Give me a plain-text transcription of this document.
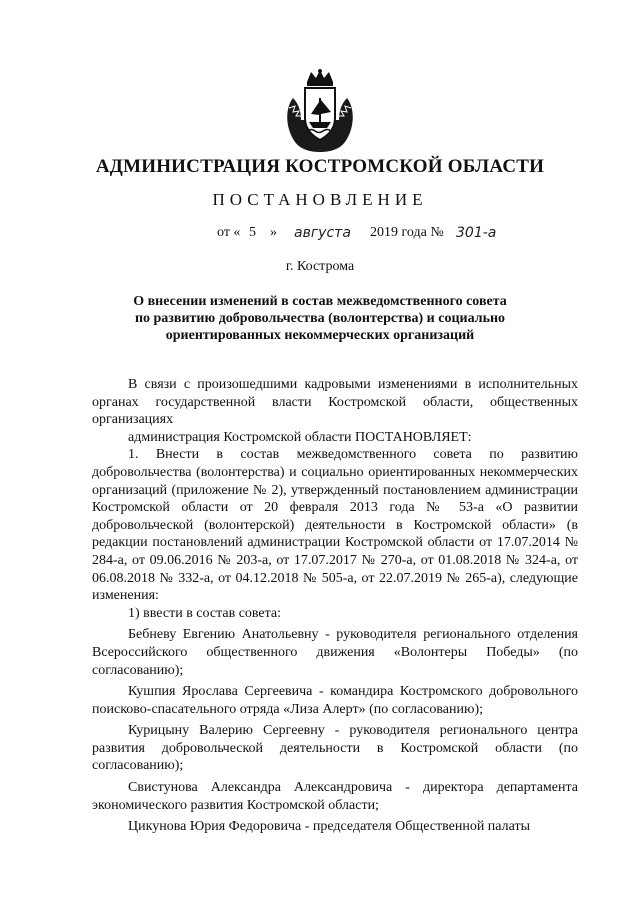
АДМИНИСТРАЦИЯ КОСТРОМСКОЙ ОБЛАСТИ
ПОСТАНОВЛЕНИЕ
от « 5 » августа 2019 года № 301-а
г. Кострома
О внесении изменений в состав межведомственного совета
по развитию добровольчества (волонтерства) и социально
ориентированных некоммерческих организаций

В связи с произошедшими кадровыми изменениями в исполнительных органах государственной власти Костромской области, общественных организациях

администрация Костромской области ПОСТАНОВЛЯЕТ:

1. Внести в состав межведомственного совета по развитию добровольчества (волонтерства) и социально ориентированных некоммерческих организаций (приложение № 2), утвержденный постановлением администрации Костромской области от 20 февраля 2013 года № 53-а «О развитии добровольческой (волонтерской) деятельности в Костромской области» (в редакции постановлений администрации Костромской области от 17.07.2014 № 284-а, от 09.06.2016 № 203-а, от 17.07.2017 № 270-а, от 01.08.2018 № 324-а, от 06.08.2018 № 332-а, от 04.12.2018 № 505-а, от 22.07.2019 № 265-а), следующие изменения:

1) ввести в состав совета:

Бебневу Евгению Анатольевну - руководителя регионального отделения Всероссийского общественного движения «Волонтеры Победы» (по согласованию);

Кушпия Ярослава Сергеевича - командира Костромского добровольного поисково-спасательного отряда «Лиза Алерт» (по согласованию);

Курицыну Валерию Сергеевну - руководителя регионального центра развития добровольческой деятельности в Костромской области (по согласованию);

Свистунова Александра Александровича - директора департамента экономического развития Костромской области;

Цикунова Юрия Федоровича - председателя Общественной палаты
